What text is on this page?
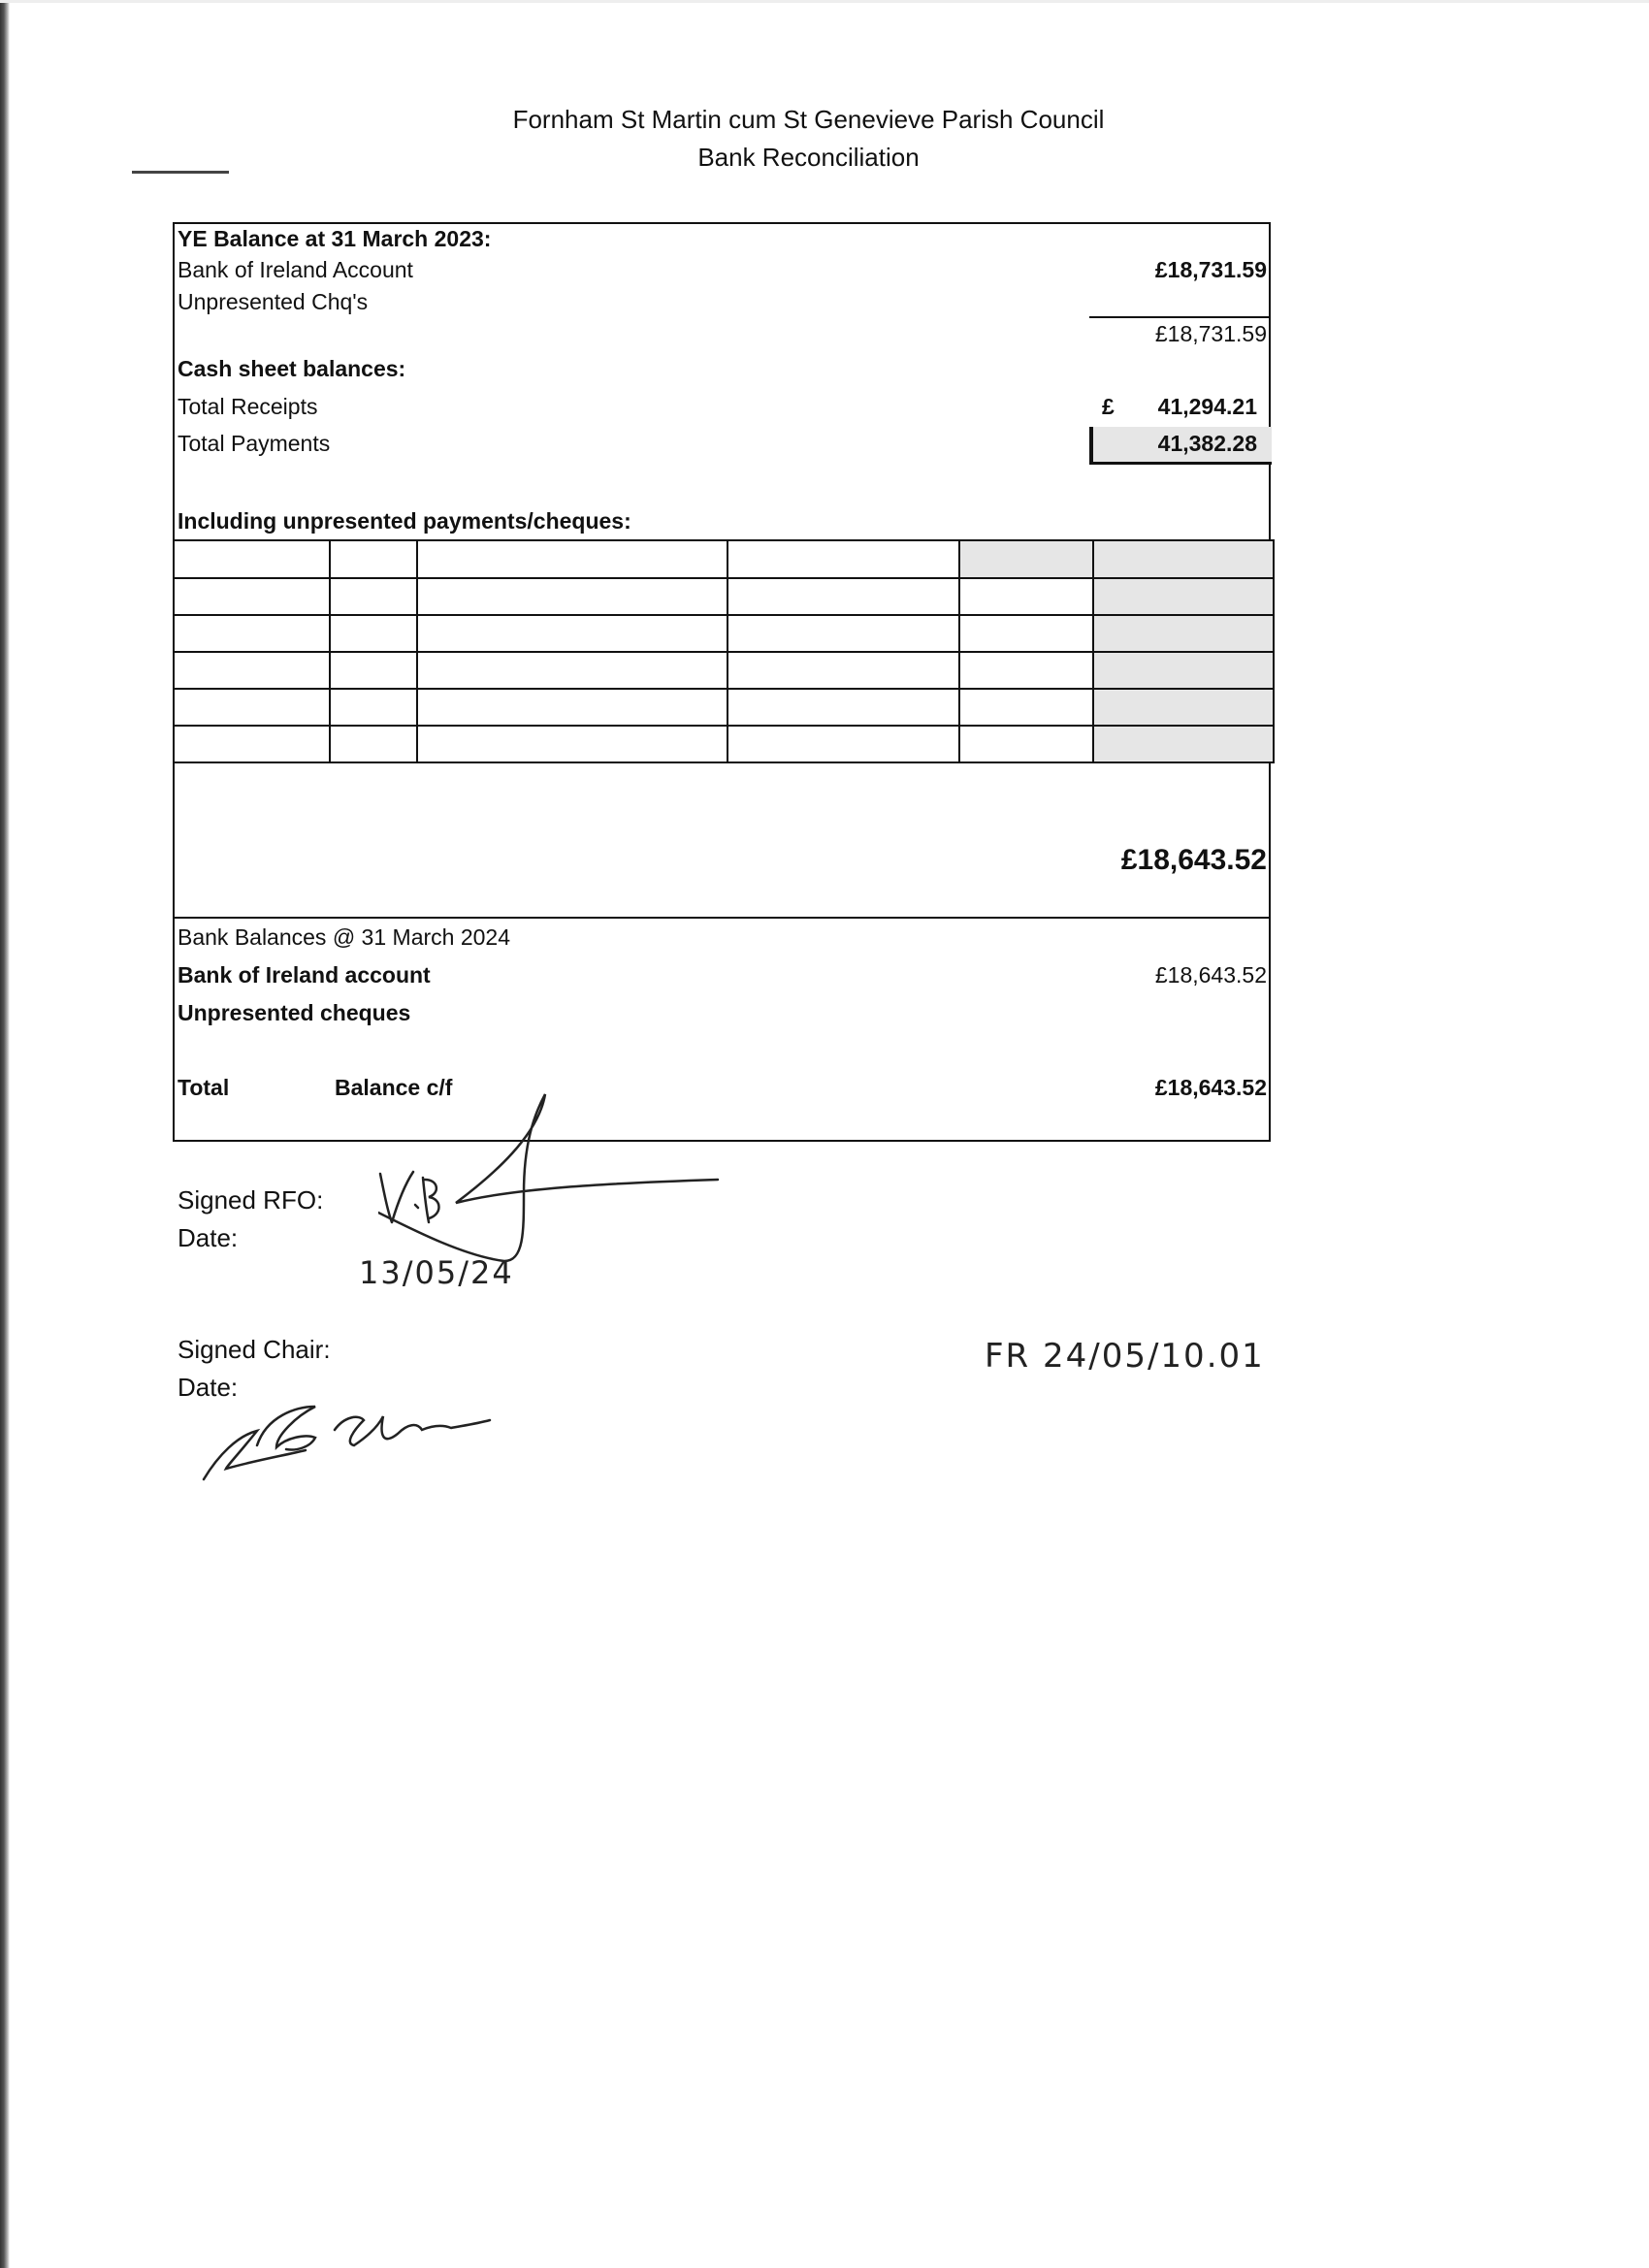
Fornham St Martin cum St Genevieve Parish Council
Bank Reconciliation
YE Balance at 31 March 2023:
Bank of Ireland Account	£18,731.59
Unpresented Chq's
£18,731.59
Cash sheet balances:
Total Receipts	£	41,294.21
Total Payments	41,382.28
Including unpresented payments/cheques:

£18,643.52
Bank Balances @ 31 March 2024
Bank of Ireland account	£18,643.52
Unpresented cheques
Total	Balance c/f	£18,643.52
Signed RFO:
Date:
13/05/24
Signed Chair:
Date:
FR 24/05/10.01
